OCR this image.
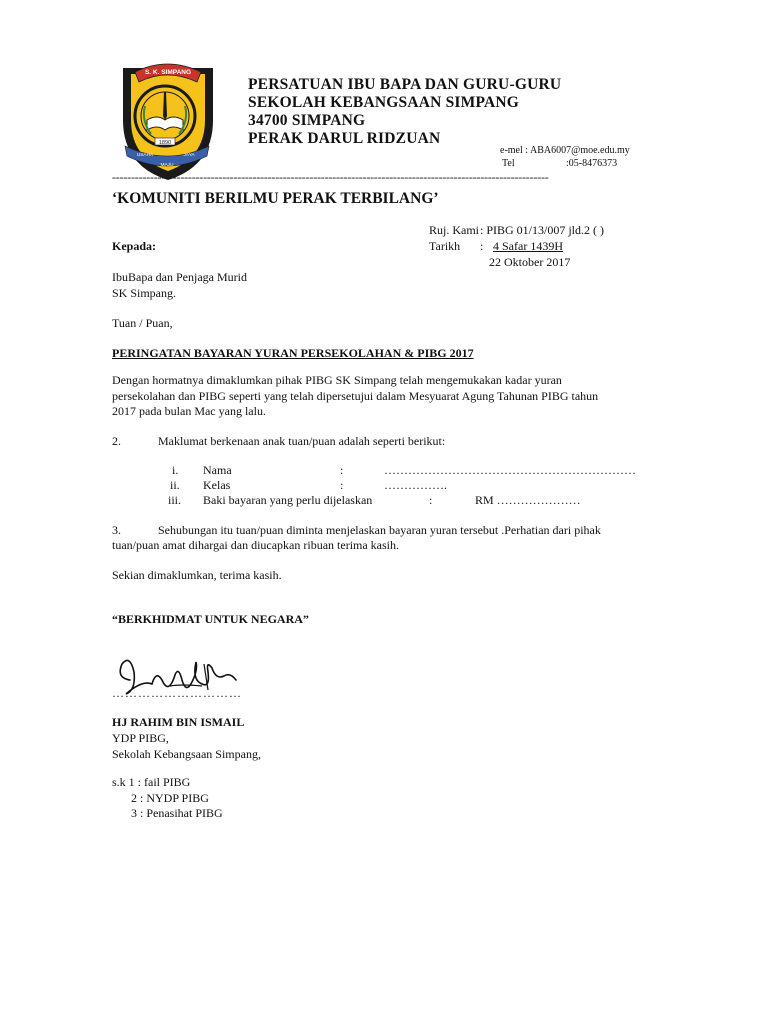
S. K. SIMPANG
1890
USAHA	JAYA
MAJU
PERSATUAN IBU BAPA DAN GURU-GURU
SEKOLAH KEBANGSAAN SIMPANG
34700 SIMPANG
PERAK DARUL RIDZUAN
e-mel : ABA6007@moe.edu.my
Tel	:05-8476373
-------------------------------------------------------------------------------------------------------------------
‘KOMUNITI BERILMU PERAK TERBILANG’
Ruj. Kami : PIBG 01/13/007 jld.2 ( )
Tarikh : 4 Safar 1439H
22 Oktober 2017
Kepada:
IbuBapa dan Penjaga Murid
SK Simpang.
Tuan / Puan,
PERINGATAN BAYARAN YURAN PERSEKOLAHAN & PIBG 2017
Dengan hormatnya dimaklumkan pihak PIBG SK Simpang telah mengemukakan kadar yuran
persekolahan dan PIBG seperti yang telah dipersetujui dalam Mesyuarat Agung Tahunan PIBG tahun
2017 pada bulan Mac yang lalu.
2.	Maklumat berkenaan anak tuan/puan adalah seperti berikut:
i. Nama	:	………………………………………………………
ii. Kelas	:	…………….
iii. Baki bayaran yang perlu dijelaskan	:	RM …………………
3.	Sehubungan itu tuan/puan diminta menjelaskan bayaran yuran tersebut .Perhatian dari pihak
tuan/puan amat dihargai dan diucapkan ribuan terima kasih.
Sekian dimaklumkan, terima kasih.
“BERKHIDMAT UNTUK NEGARA”
…………………………
HJ RAHIM BIN ISMAIL
YDP PIBG,
Sekolah Kebangsaan Simpang,
s.k 1 : fail PIBG
2 : NYDP PIBG
3 : Penasihat PIBG
